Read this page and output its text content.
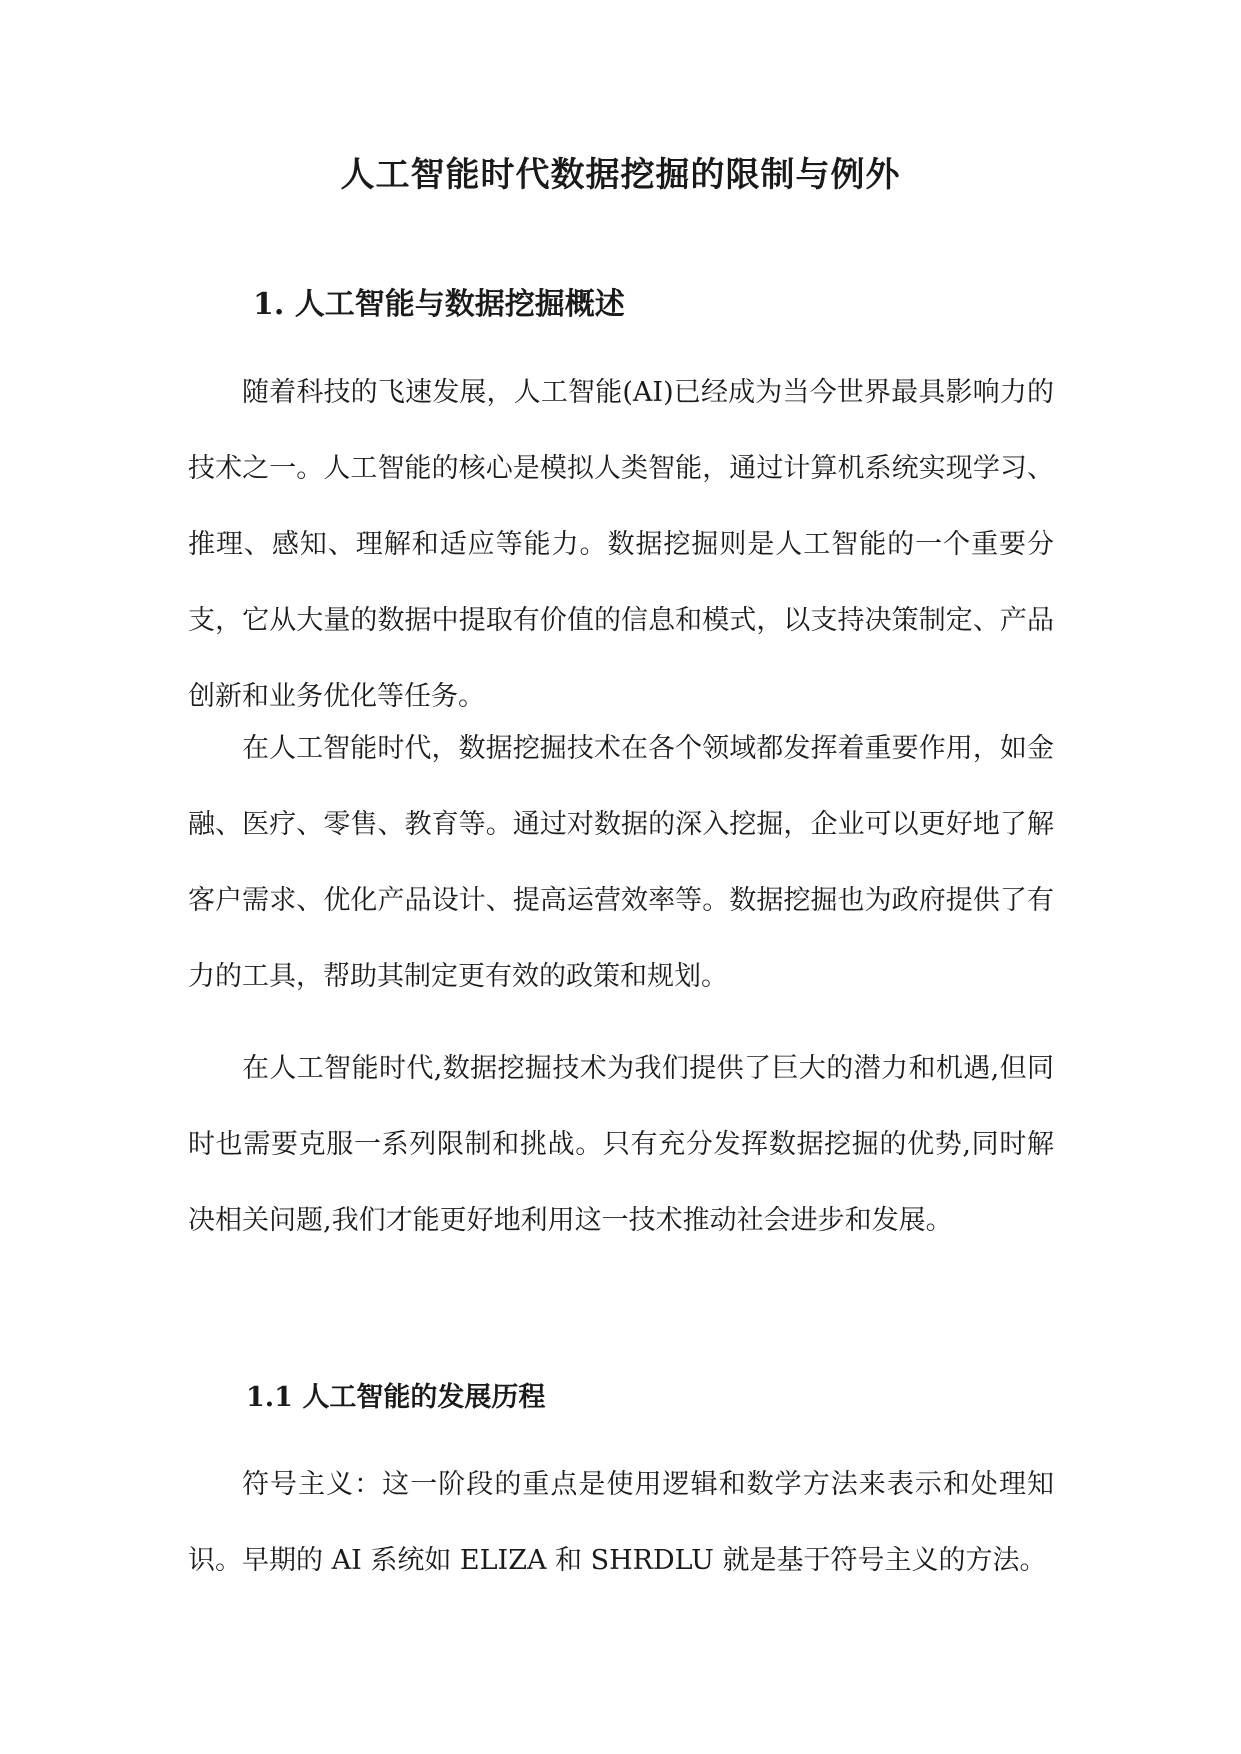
人工智能时代数据挖掘的限制与例外
1. 人工智能与数据挖掘概述

随着科技的飞速发展，人工智能(AI)已经成为当今世界最具影响力的技术之一。人工智能的核心是模拟人类智能，通过计算机系统实现学习、推理、感知、理解和适应等能力。数据挖掘则是人工智能的一个重要分支，它从大量的数据中提取有价值的信息和模式，以支持决策制定、产品创新和业务优化等任务。

在人工智能时代，数据挖掘技术在各个领域都发挥着重要作用，如金融、医疗、零售、教育等。通过对数据的深入挖掘，企业可以更好地了解客户需求、优化产品设计、提高运营效率等。数据挖掘也为政府提供了有力的工具，帮助其制定更有效的政策和规划。

在人工智能时代,数据挖掘技术为我们提供了巨大的潜力和机遇,但同时也需要克服一系列限制和挑战。只有充分发挥数据挖掘的优势,同时解决相关问题,我们才能更好地利用这一技术推动社会进步和发展。

1.1 人工智能的发展历程

符号主义：这一阶段的重点是使用逻辑和数学方法来表示和处理知识。早期的 AI 系统如 ELIZA 和 SHRDLU 就是基于符号主义的方法。
